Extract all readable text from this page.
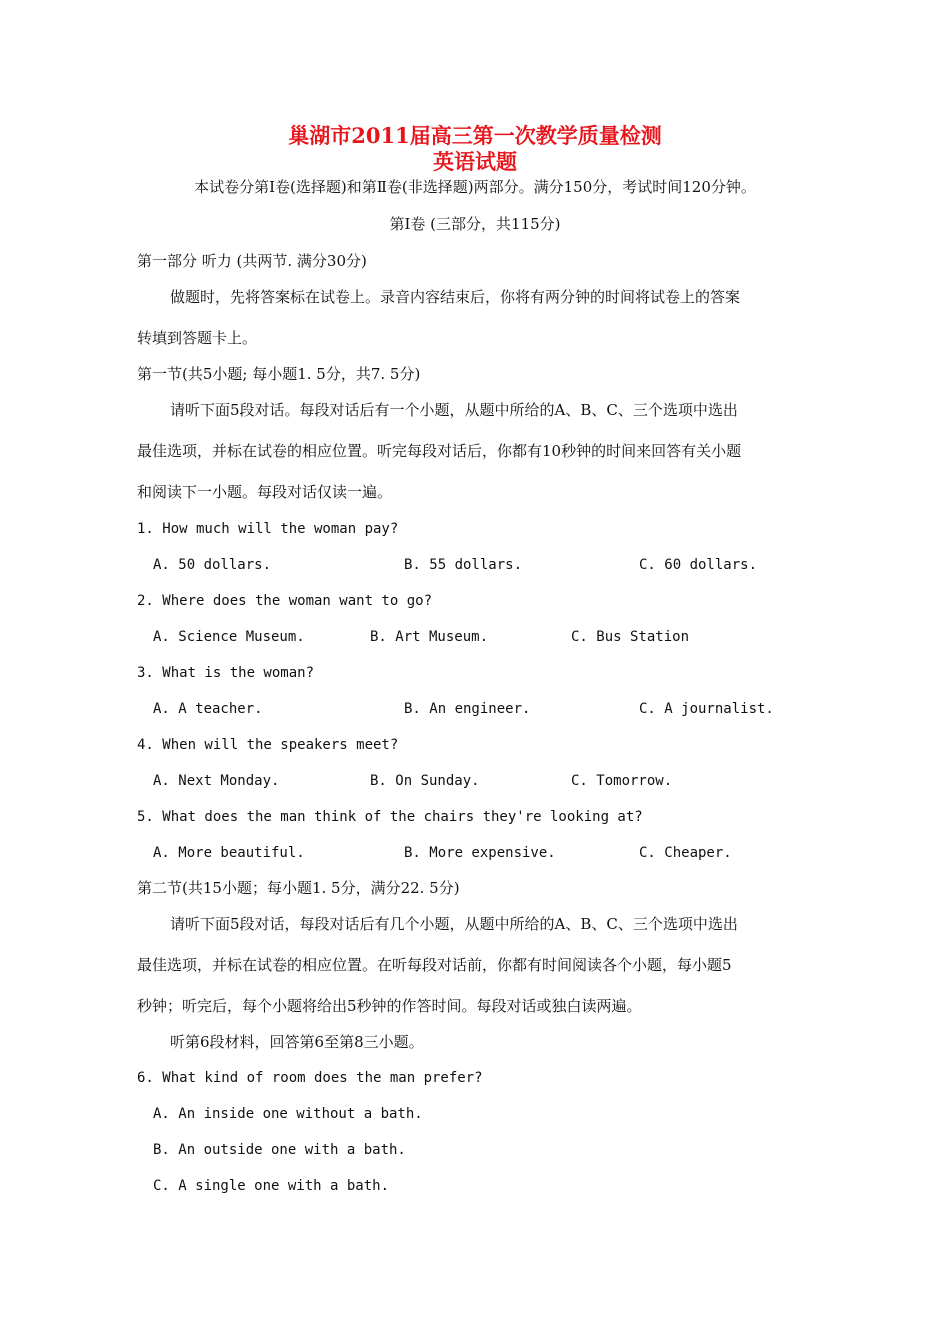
巢湖市2011届高三第一次教学质量检测
英语试题
本试卷分第Ⅰ卷(选择题)和第Ⅱ卷(非选择题)两部分。满分150分，考试时间120分钟。
第Ⅰ卷 (三部分，共115分)
第一部分 听力 (共两节. 满分30分)
做题时，先将答案标在试卷上。录音内容结束后，你将有两分钟的时间将试卷上的答案
转填到答题卡上。
第一节(共5小题; 每小题1. 5分，共7. 5分)
请听下面5段对话。每段对话后有一个小题，从题中所给的A、B、C、三个选项中选出
最佳选项，并标在试卷的相应位置。听完每段对话后，你都有10秒钟的时间来回答有关小题
和阅读下一小题。每段对话仅读一遍。
1. How much will the woman pay?
A. 50 dollars.	B. 55 dollars.	C. 60 dollars.
2. Where does the woman want to go?
A. Science Museum.	B. Art Museum.	C. Bus Station
3. What is the woman?
A. A teacher.	B. An engineer.	C. A journalist.
4. When will the speakers meet?
A. Next Monday.	B. On Sunday.	C. Tomorrow.
5. What does the man think of the chairs they're looking at?
A. More beautiful.	B. More expensive.	C. Cheaper.
第二节(共15小题；每小题1. 5分，满分22. 5分)
请听下面5段对话，每段对话后有几个小题，从题中所给的A、B、C、三个选项中选出
最佳选项，并标在试卷的相应位置。在听每段对话前，你都有时间阅读各个小题，每小题5
秒钟；听完后，每个小题将给出5秒钟的作答时间。每段对话或独白读两遍。
听第6段材料，回答第6至第8三小题。
6. What kind of room does the man prefer?
A. An inside one without a bath.
B. An outside one with a bath.
C. A single one with a bath.
